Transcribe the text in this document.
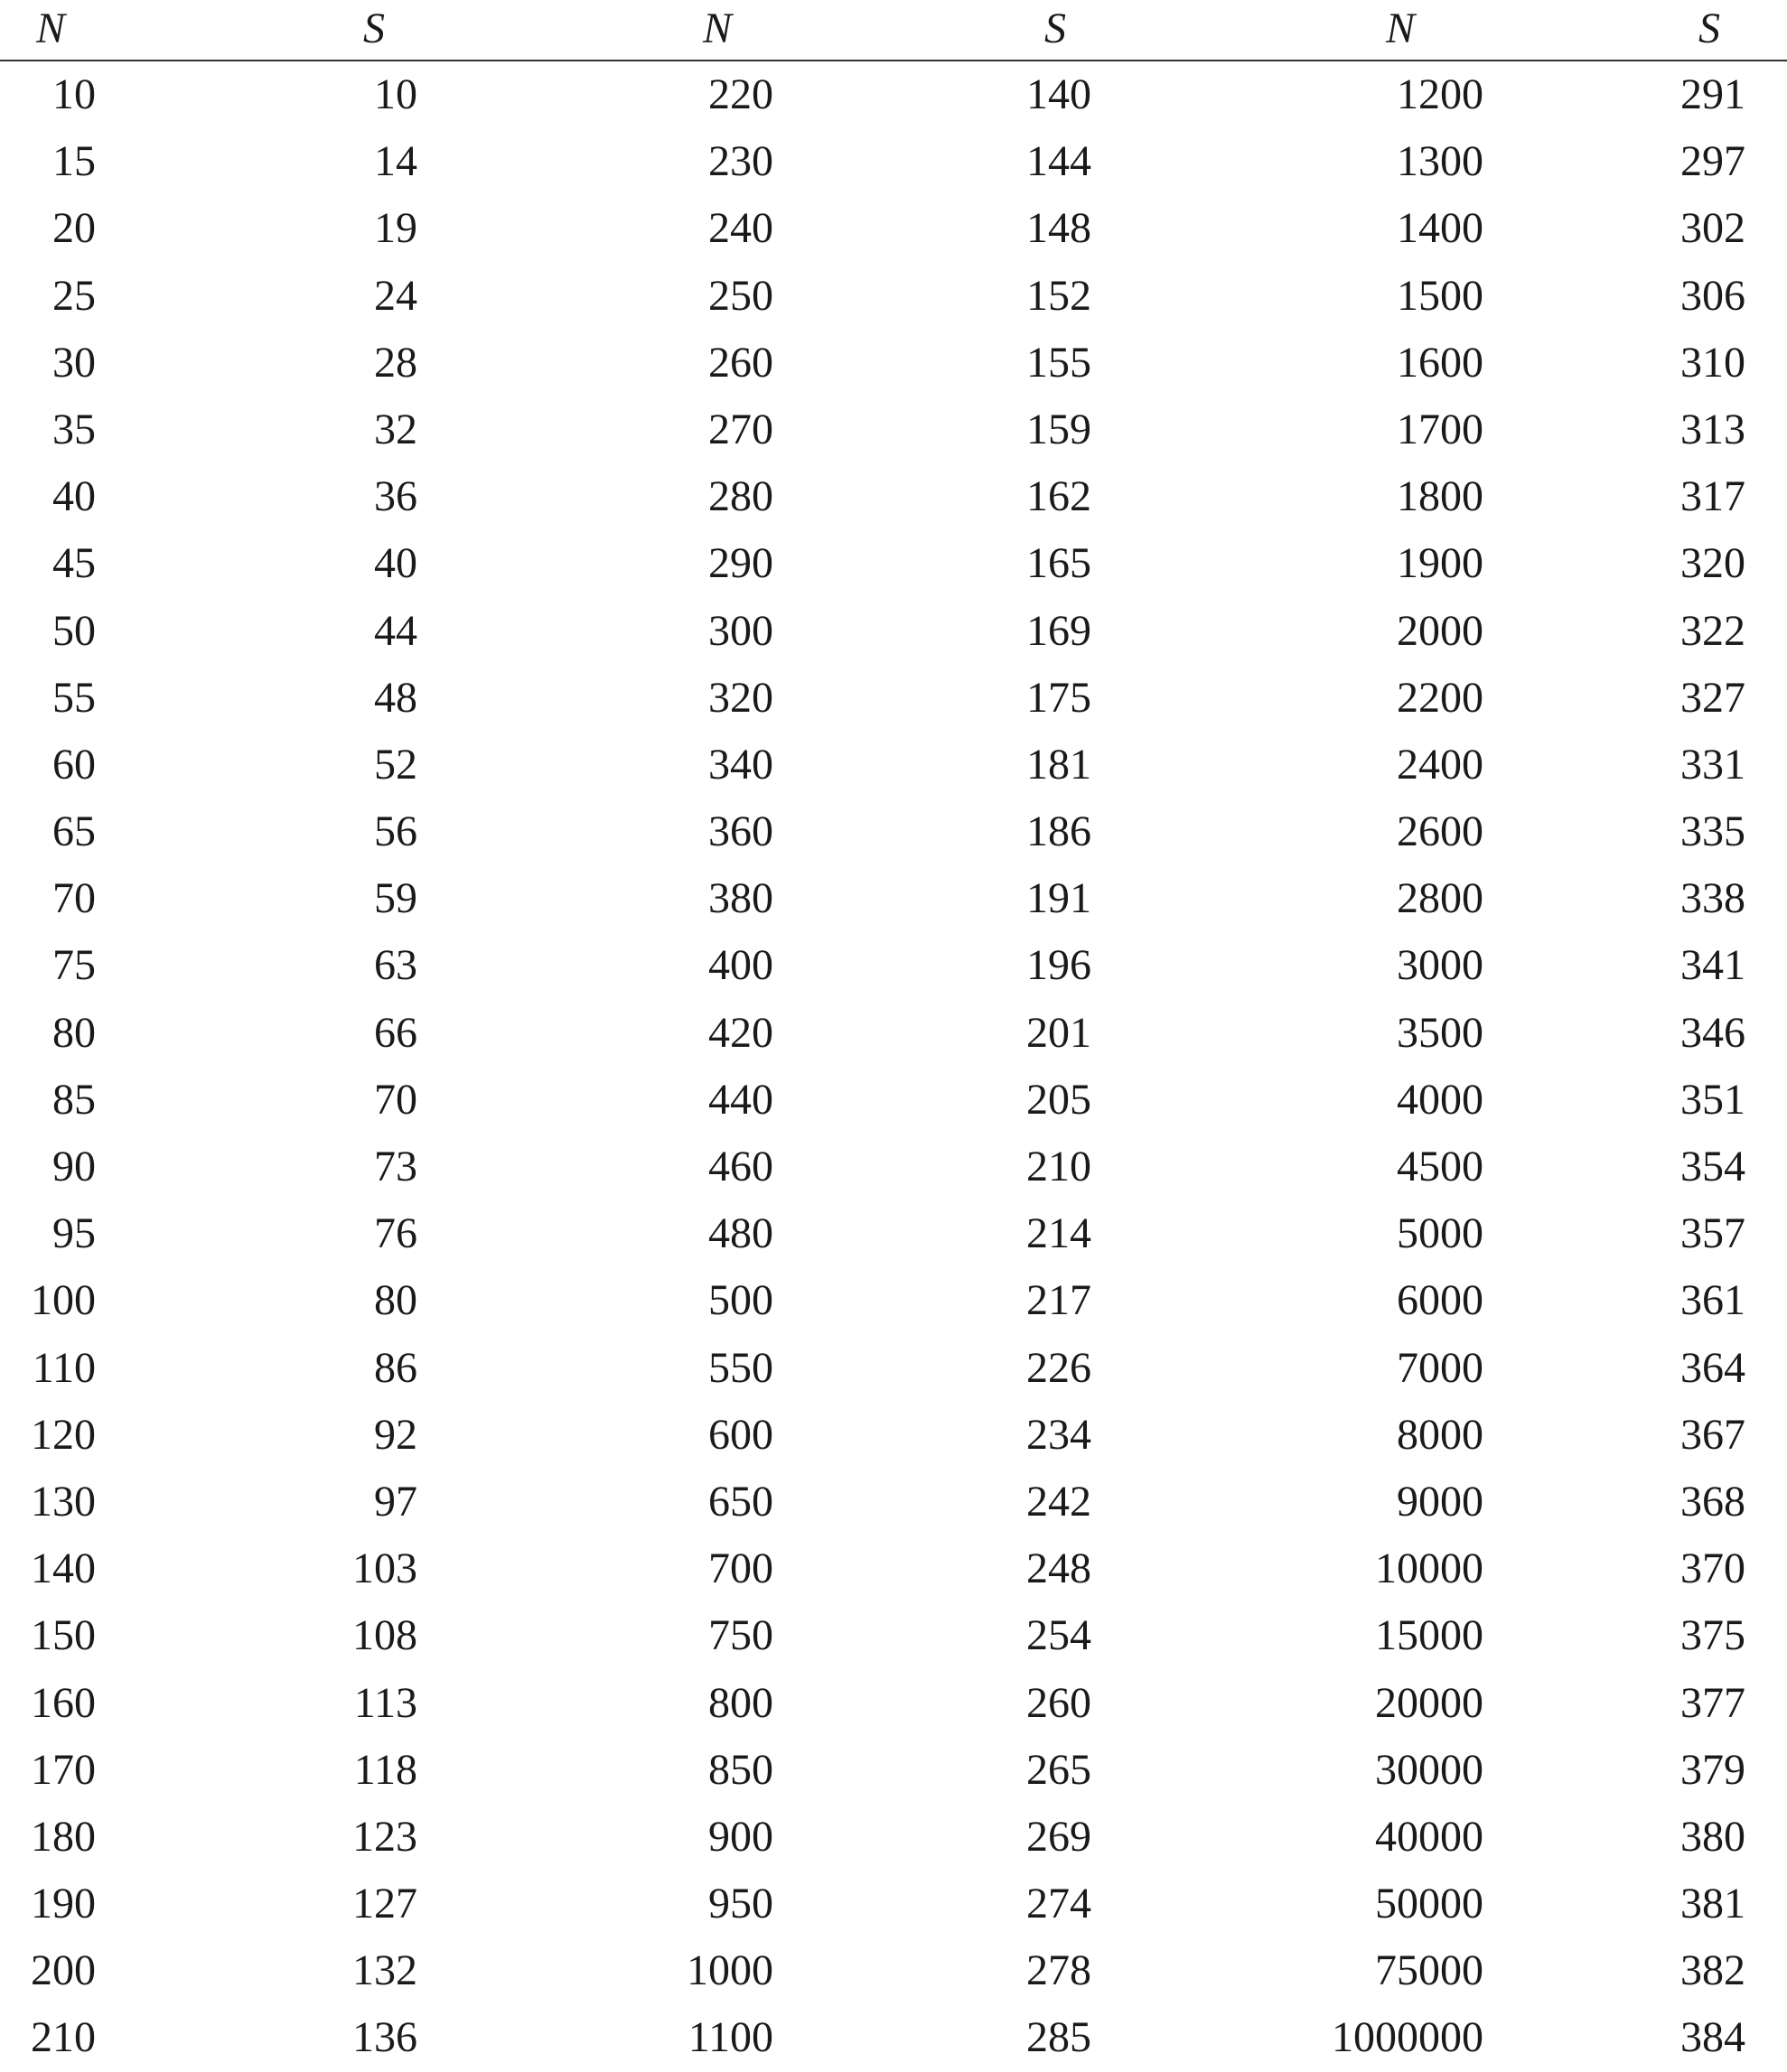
N	S	N	S	N	S
10	10	220	140	1200	291
15	14	230	144	1300	297
20	19	240	148	1400	302
25	24	250	152	1500	306
30	28	260	155	1600	310
35	32	270	159	1700	313
40	36	280	162	1800	317
45	40	290	165	1900	320
50	44	300	169	2000	322
55	48	320	175	2200	327
60	52	340	181	2400	331
65	56	360	186	2600	335
70	59	380	191	2800	338
75	63	400	196	3000	341
80	66	420	201	3500	346
85	70	440	205	4000	351
90	73	460	210	4500	354
95	76	480	214	5000	357
100	80	500	217	6000	361
110	86	550	226	7000	364
120	92	600	234	8000	367
130	97	650	242	9000	368
140	103	700	248	10000	370
150	108	750	254	15000	375
160	113	800	260	20000	377
170	118	850	265	30000	379
180	123	900	269	40000	380
190	127	950	274	50000	381
200	132	1000	278	75000	382
210	136	1100	285	1000000	384
